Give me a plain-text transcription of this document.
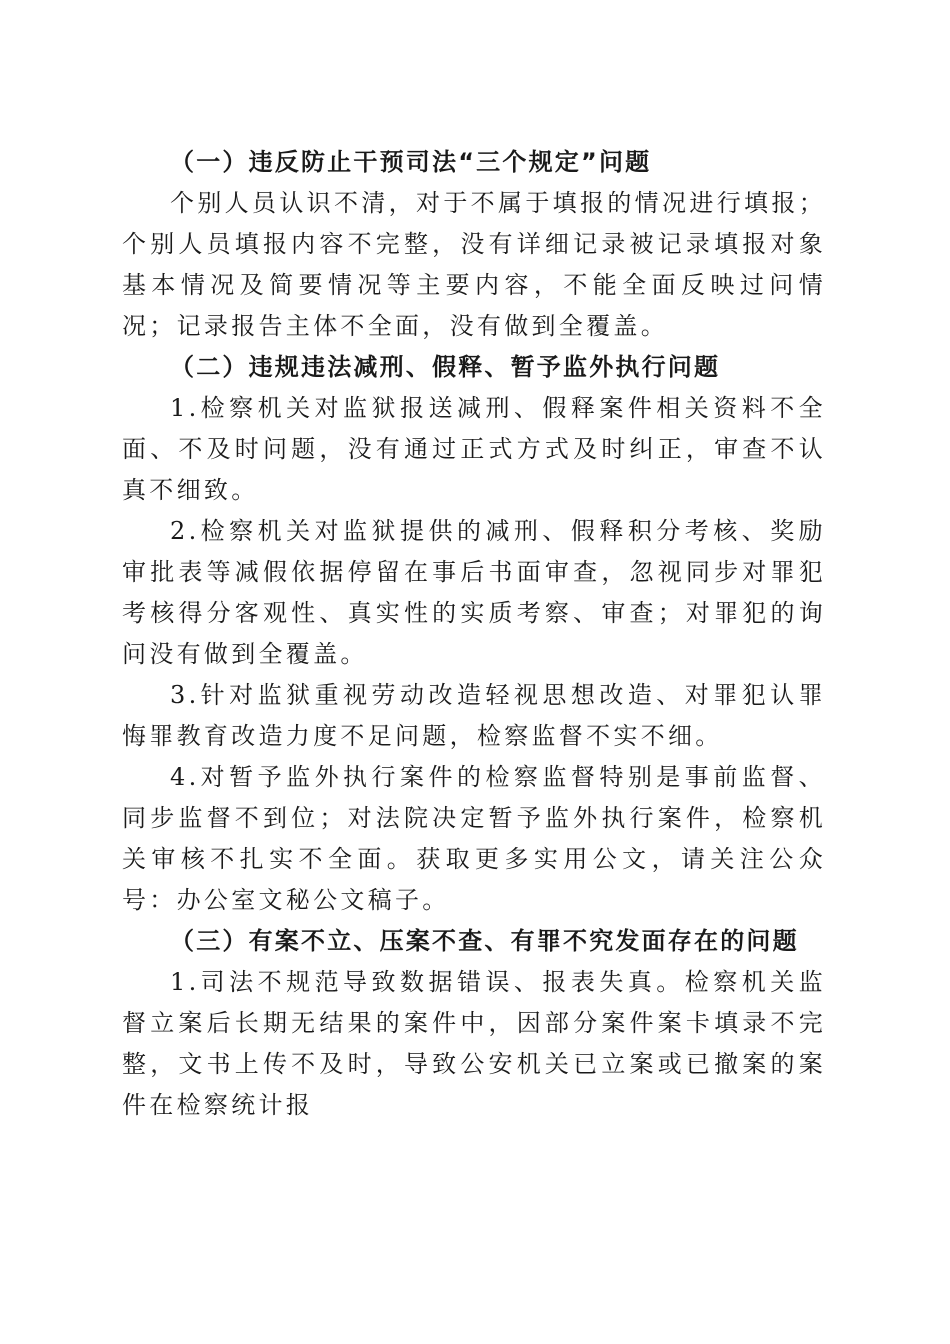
（一）违反防止干预司法“三个规定”问题

个别人员认识不清，对于不属于填报的情况进行填报；个别人员填报内容不完整，没有详细记录被记录填报对象基本情况及简要情况等主要内容，不能全面反映过问情况；记录报告主体不全面，没有做到全覆盖。

（二）违规违法减刑、假释、暂予监外执行问题

1.检察机关对监狱报送减刑、假释案件相关资料不全面、不及时问题，没有通过正式方式及时纠正，审查不认真不细致。

2.检察机关对监狱提供的减刑、假释积分考核、奖励审批表等减假依据停留在事后书面审查，忽视同步对罪犯考核得分客观性、真实性的实质考察、审查；对罪犯的询问没有做到全覆盖。

3.针对监狱重视劳动改造轻视思想改造、对罪犯认罪悔罪教育改造力度不足问题，检察监督不实不细。

4.对暂予监外执行案件的检察监督特别是事前监督、同步监督不到位；对法院决定暂予监外执行案件，检察机关审核不扎实不全面。获取更多实用公文，请关注公众号：办公室文秘公文稿子。

（三）有案不立、压案不查、有罪不究发面存在的问题

1.司法不规范导致数据错误、报表失真。检察机关监督立案后长期无结果的案件中，因部分案件案卡填录不完整，文书上传不及时，导致公安机关已立案或已撤案的案件在检察统计报
